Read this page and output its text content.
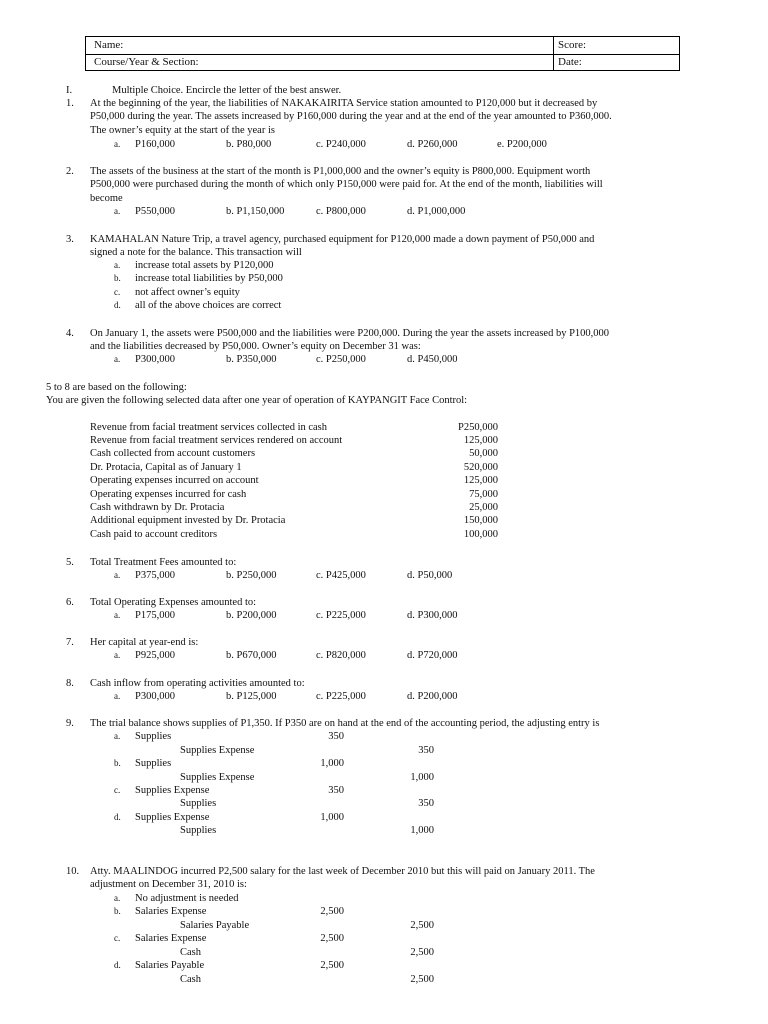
Name:	Score:
Course/Year & Section:	Date:
I.	Multiple Choice. Encircle the letter of the best answer.
1. At the beginning of the year, the liabilities of NAKAKAIRITA Service station amounted to P120,000 but it decreased by
P50,000 during the year. The assets increased by P160,000 during the year and at the end of the year amounted to P360,000.
The owner’s equity at the start of the year is
a. P160,000	b. P80,000	c. P240,000	d. P260,000	e. P200,000
2. The assets of the business at the start of the month is P1,000,000 and the owner’s equity is P800,000. Equipment worth
P500,000 were purchased during the month of which only P150,000 were paid for. At the end of the month, liabilities will
become
a. P550,000	b. P1,150,000	c. P800,000	d. P1,000,000
3. KAMAHALAN Nature Trip, a travel agency, purchased equipment for P120,000 made a down payment of P50,000 and
signed a note for the balance. This transaction will
a. increase total assets by P120,000
b. increase total liabilities by P50,000
c. not affect owner’s equity
d. all of the above choices are correct
4. On January 1, the assets were P500,000 and the liabilities were P200,000. During the year the assets increased by P100,000
and the liabilities decreased by P50,000. Owner’s equity on December 31 was:
a. P300,000	b. P350,000	c. P250,000	d. P450,000
5 to 8 are based on the following:
You are given the following selected data after one year of operation of KAYPANGIT Face Control:
Revenue from facial treatment services collected in cash	P250,000
Revenue from facial treatment services rendered on account	125,000
Cash collected from account customers	50,000
Dr. Protacia, Capital as of January 1	520,000
Operating expenses incurred on account	125,000
Operating expenses incurred for cash	75,000
Cash withdrawn by Dr. Protacia	25,000
Additional equipment invested by Dr. Protacia	150,000
Cash paid to account creditors	100,000
5. Total Treatment Fees amounted to:
a. P375,000	b. P250,000	c. P425,000	d. P50,000
6. Total Operating Expenses amounted to:
a. P175,000	b. P200,000	c. P225,000	d. P300,000
7. Her capital at year-end is:
a. P925,000	b. P670,000	c. P820,000	d. P720,000
8. Cash inflow from operating activities amounted to:
a. P300,000	b. P125,000	c. P225,000	d. P200,000
9. The trial balance shows supplies of P1,350. If P350 are on hand at the end of the accounting period, the adjusting entry is
a. Supplies	350
Supplies Expense	350
b. Supplies	1,000
Supplies Expense	1,000
c. Supplies Expense	350
Supplies	350
d. Supplies Expense	1,000
Supplies	1,000
10. Atty. MAALINDOG incurred P2,500 salary for the last week of December 2010 but this will paid on January 2011. The
adjustment on December 31, 2010 is:
a. No adjustment is needed
b. Salaries Expense	2,500
Salaries Payable	2,500
c. Salaries Expense	2,500
Cash	2,500
d. Salaries Payable	2,500
Cash	2,500
